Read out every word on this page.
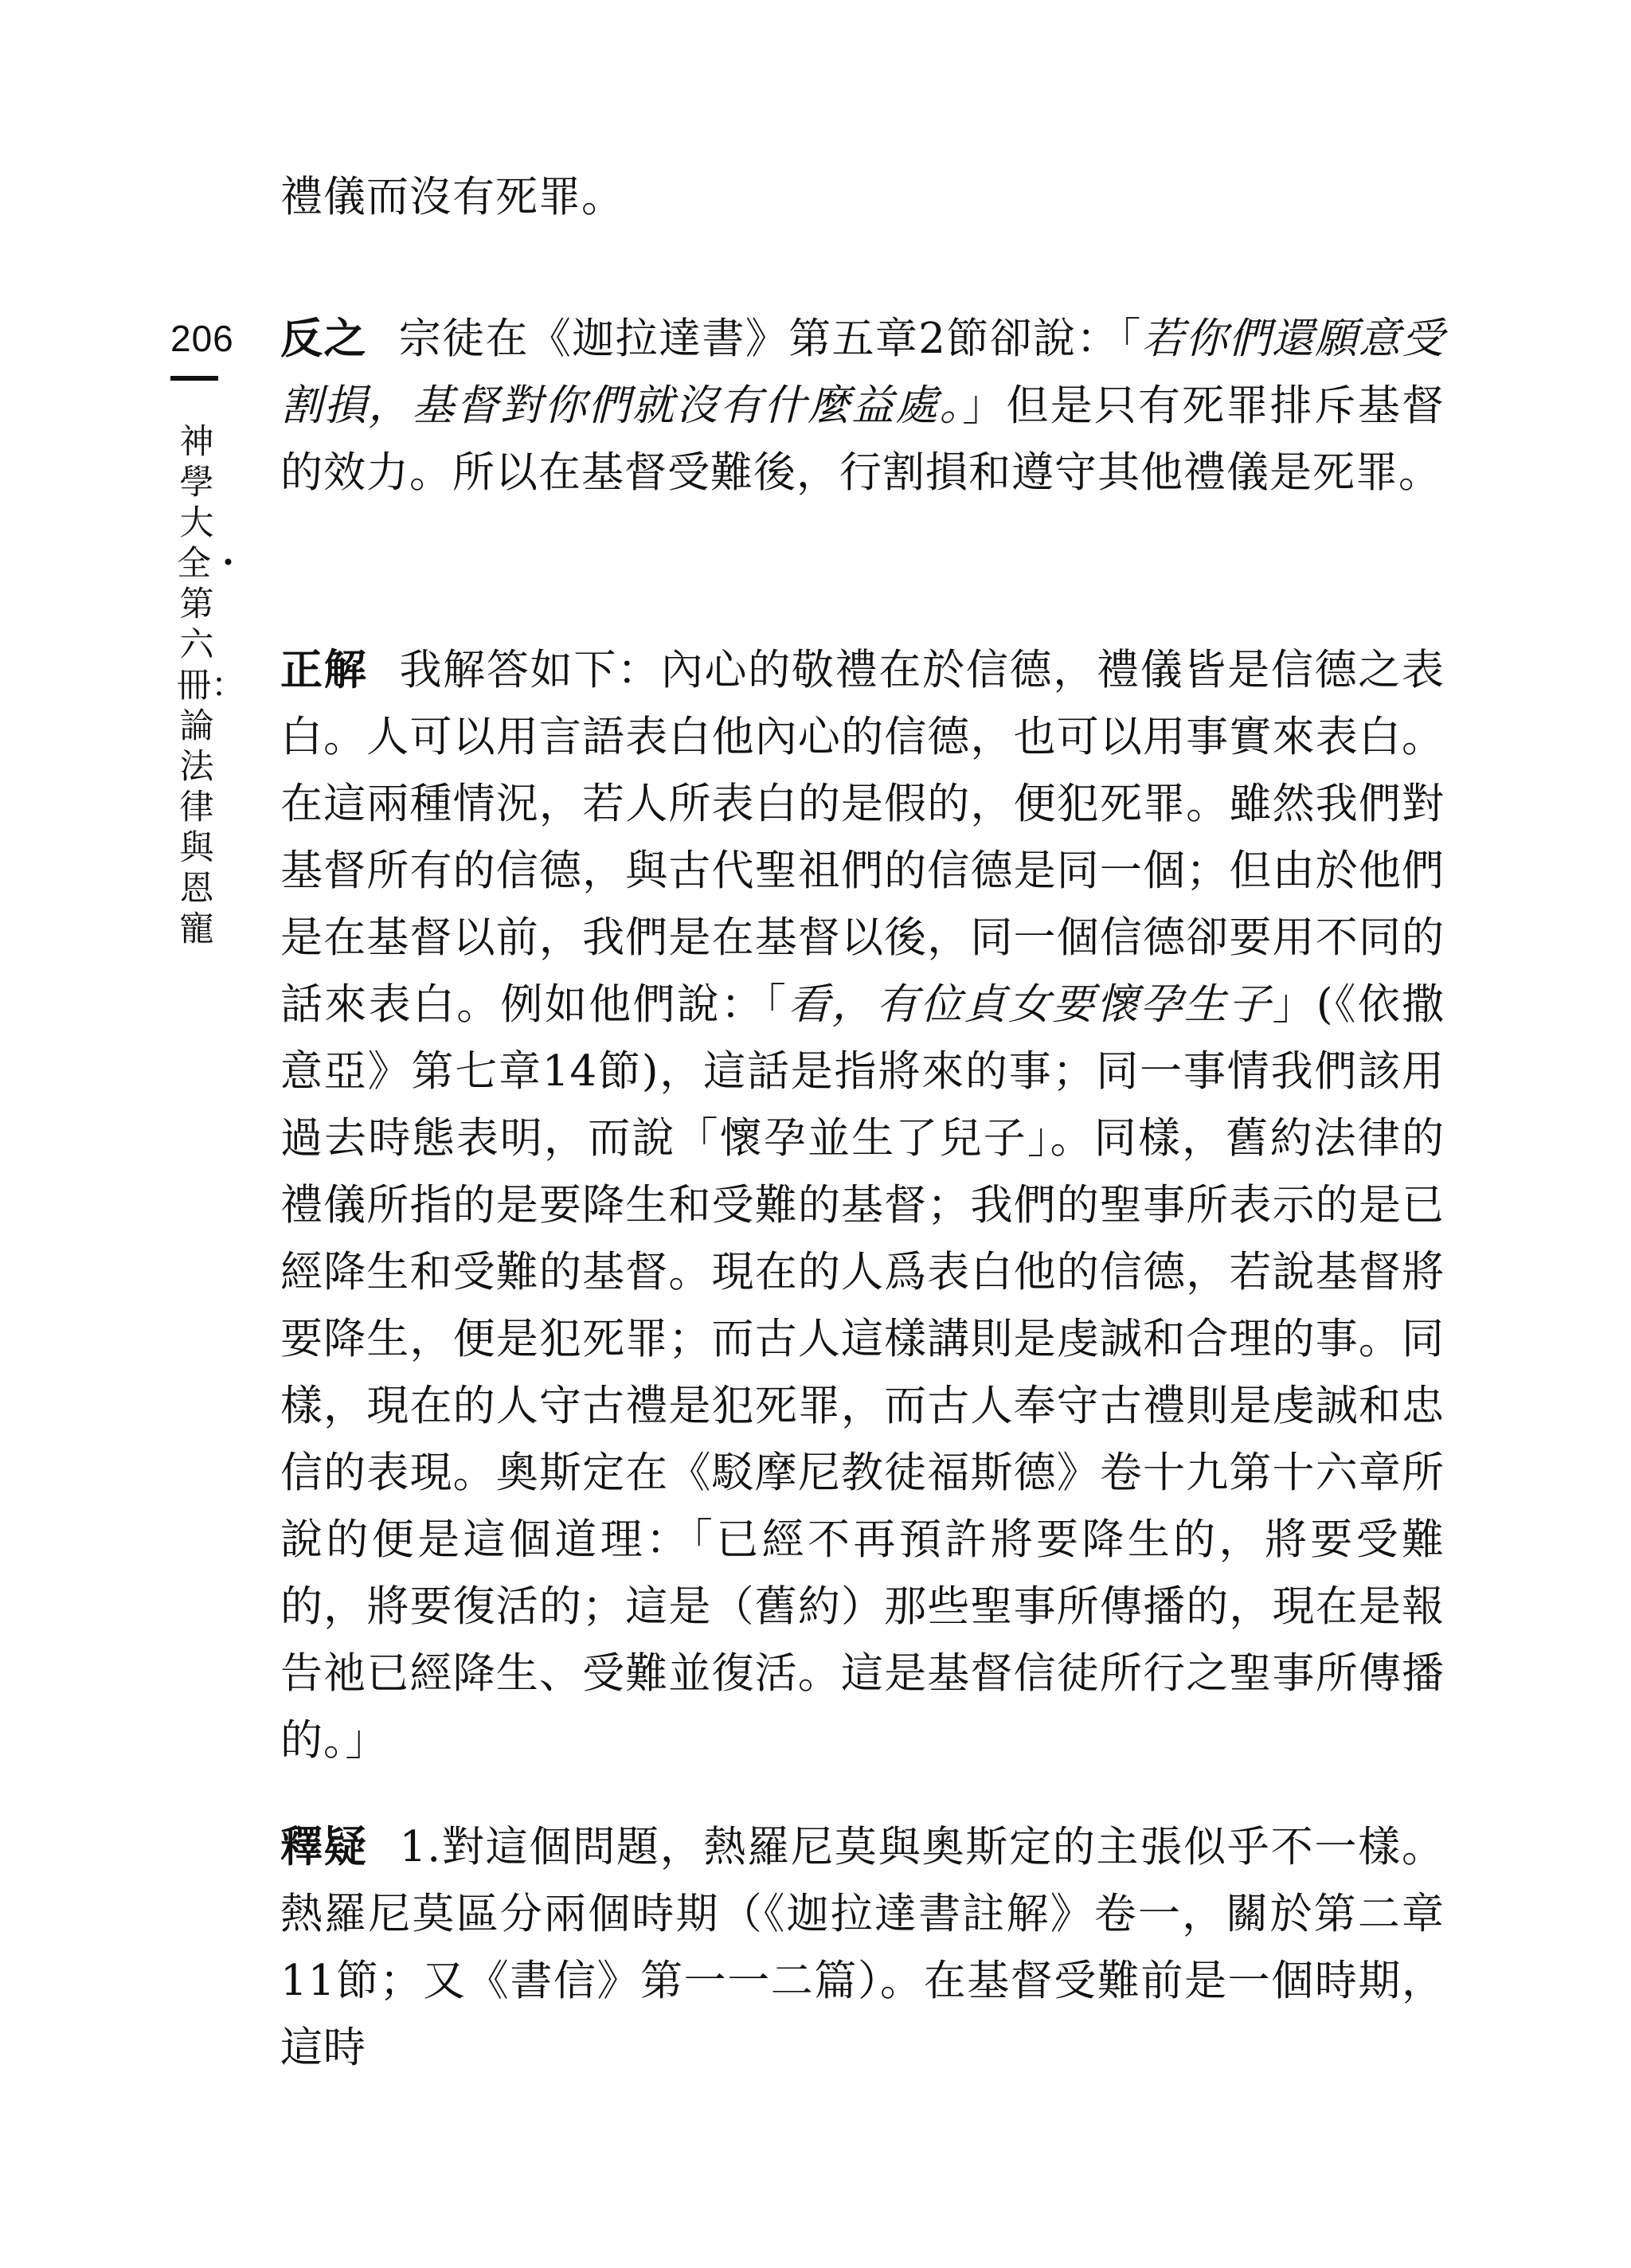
206
神學大全・第六冊：論法律與恩寵

禮儀而沒有死罪。

反之 宗徒在《迦拉達書》第五章2節卻說：「若你們還願意受割損，基督對你們就沒有什麼益處。」但是只有死罪排斥基督的效力。所以在基督受難後，行割損和遵守其他禮儀是死罪。

正解 我解答如下：內心的敬禮在於信德，禮儀皆是信德之表白。人可以用言語表白他內心的信德，也可以用事實來表白。在這兩種情況，若人所表白的是假的，便犯死罪。雖然我們對基督所有的信德，與古代聖祖們的信德是同一個；但由於他們是在基督以前，我們是在基督以後，同一個信德卻要用不同的話來表白。例如他們說：「看，有位貞女要懷孕生子」(《依撒意亞》第七章14節)，這話是指將來的事；同一事情我們該用過去時態表明，而說「懷孕並生了兒子」。同樣，舊約法律的禮儀所指的是要降生和受難的基督；我們的聖事所表示的是已經降生和受難的基督。現在的人爲表白他的信德，若說基督將要降生，便是犯死罪；而古人這樣講則是虔誠和合理的事。同樣，現在的人守古禮是犯死罪，而古人奉守古禮則是虔誠和忠信的表現。奧斯定在《駁摩尼教徒福斯德》卷十九第十六章所說的便是這個道理：「已經不再預許將要降生的，將要受難的，將要復活的；這是（舊約）那些聖事所傳播的，現在是報告祂已經降生、受難並復活。這是基督信徒所行之聖事所傳播的。」

釋疑 1.對這個問題，熱羅尼莫與奧斯定的主張似乎不一樣。熱羅尼莫區分兩個時期（《迦拉達書註解》卷一，關於第二章11節；又《書信》第一一二篇）。在基督受難前是一個時期，這時
